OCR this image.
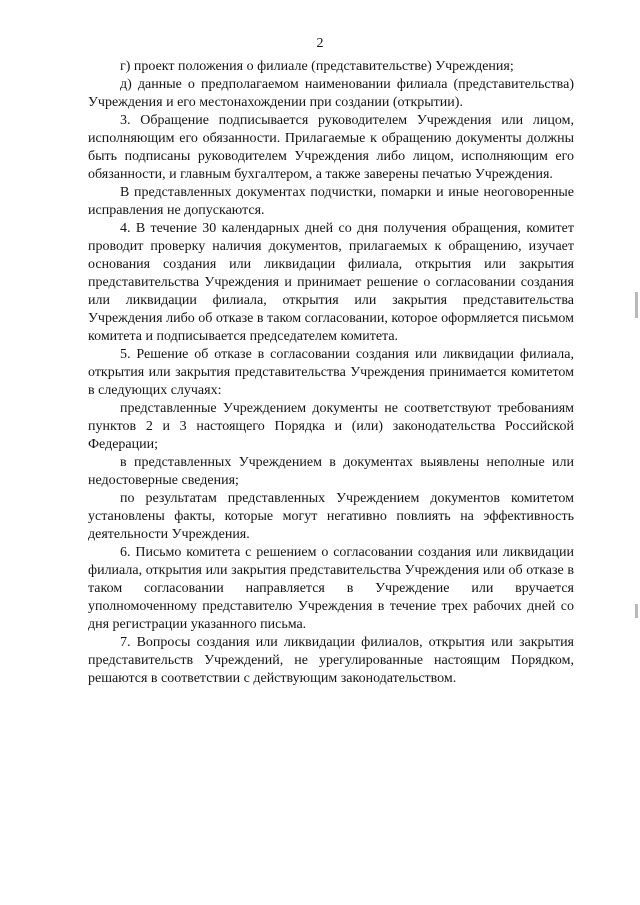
2

г) проект положения о филиале (представительстве) Учреждения;

д) данные о предполагаемом наименовании филиала (представительства) Учреждения и его местонахождении при создании (открытии).

3. Обращение подписывается руководителем Учреждения или лицом, исполняющим его обязанности. Прилагаемые к обращению документы должны быть подписаны руководителем Учреждения либо лицом, исполняющим его обязанности, и главным бухгалтером, а также заверены печатью Учреждения.

В представленных документах подчистки, помарки и иные неоговоренные исправления не допускаются.

4. В течение 30 календарных дней со дня получения обращения, комитет проводит проверку наличия документов, прилагаемых к обращению, изучает основания создания или ликвидации филиала, открытия или закрытия представительства Учреждения и принимает решение о согласовании создания или ликвидации филиала, открытия или закрытия представительства Учреждения либо об отказе в таком согласовании, которое оформляется письмом комитета и подписывается председателем комитета.

5. Решение об отказе в согласовании создания или ликвидации филиала, открытия или закрытия представительства Учреждения принимается комитетом в следующих случаях:

представленные Учреждением документы не соответствуют требованиям пунктов 2 и 3 настоящего Порядка и (или) законодательства Российской Федерации;

в представленных Учреждением в документах выявлены неполные или недостоверные сведения;

по результатам представленных Учреждением документов комитетом установлены факты, которые могут негативно повлиять на эффективность деятельности Учреждения.

6. Письмо комитета с решением о согласовании создания или ликвидации филиала, открытия или закрытия представительства Учреждения или об отказе в таком согласовании направляется в Учреждение или вручается уполномоченному представителю Учреждения в течение трех рабочих дней со дня регистрации указанного письма.

7. Вопросы создания или ликвидации филиалов, открытия или закрытия представительств Учреждений, не урегулированные настоящим Порядком, решаются в соответствии с действующим законодательством.
